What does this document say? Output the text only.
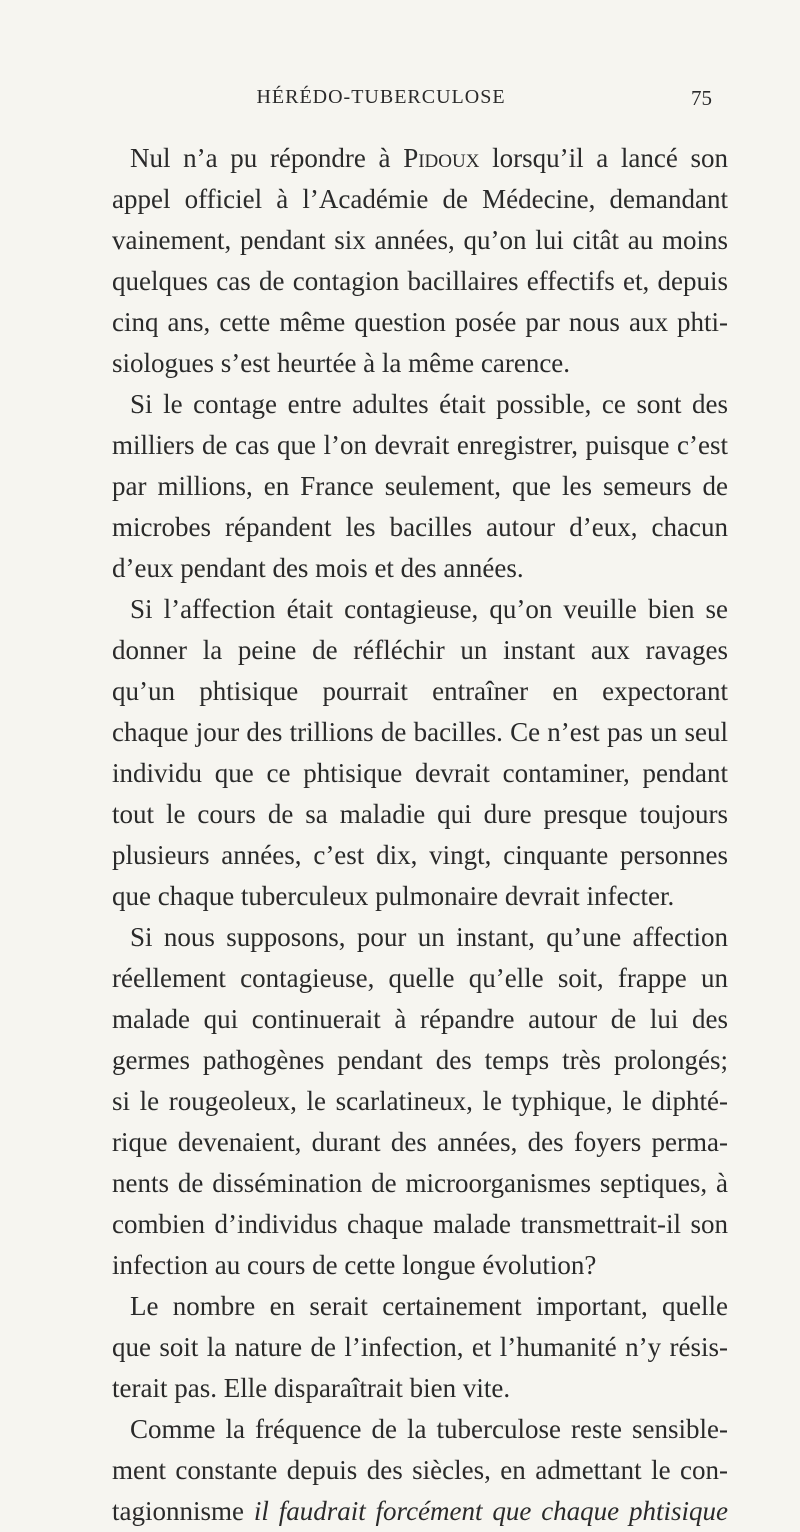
HÉRÉDO-TUBERCULOSE	75
Nul n’a pu répondre à Pidoux lorsqu’il a lancé son
appel officiel à l’Académie de Médecine, demandant
vainement, pendant six années, qu’on lui citât au moins
quelques cas de contagion bacillaires effectifs et, depuis
cinq ans, cette même question posée par nous aux phti-
siologues s’est heurtée à la même carence.
Si le contage entre adultes était possible, ce sont des
milliers de cas que l’on devrait enregistrer, puisque c’est
par millions, en France seulement, que les semeurs de
microbes répandent les bacilles autour d’eux, chacun
d’eux pendant des mois et des années.
Si l’affection était contagieuse, qu’on veuille bien se
donner la peine de réfléchir un instant aux ravages
qu’un phtisique pourrait entraîner en expectorant
chaque jour des trillions de bacilles. Ce n’est pas un seul
individu que ce phtisique devrait contaminer, pendant
tout le cours de sa maladie qui dure presque toujours
plusieurs années, c’est dix, vingt, cinquante personnes
que chaque tuberculeux pulmonaire devrait infecter.
Si nous supposons, pour un instant, qu’une affection
réellement contagieuse, quelle qu’elle soit, frappe un
malade qui continuerait à répandre autour de lui des
germes pathogènes pendant des temps très prolongés;
si le rougeoleux, le scarlatineux, le typhique, le diphté-
rique devenaient, durant des années, des foyers perma-
nents de dissémination de microorganismes septiques, à
combien d’individus chaque malade transmettrait-il son
infection au cours de cette longue évolution?
Le nombre en serait certainement important, quelle
que soit la nature de l’infection, et l’humanité n’y résis-
terait pas. Elle disparaîtrait bien vite.
Comme la fréquence de la tuberculose reste sensible-
ment constante depuis des siècles, en admettant le con-
tagionnisme il faudrait forcément que chaque phtisique
